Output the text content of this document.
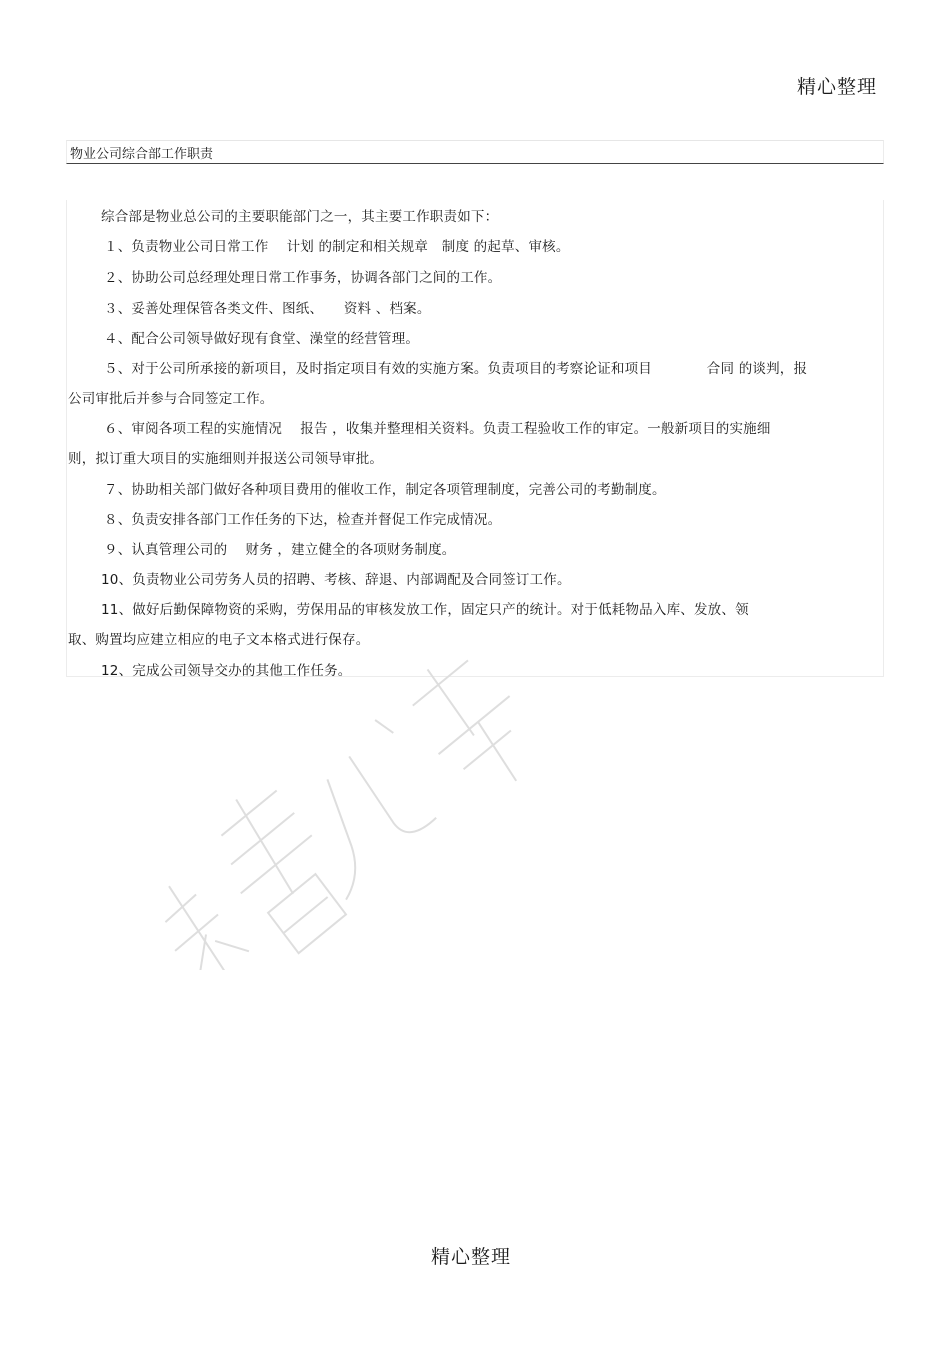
精心整理
物业公司综合部工作职责
综合部是物业总公司的主要职能部门之一，其主要工作职责如下：
１、负责物业公司日常工作　 计划 的制定和相关规章　制度 的起草、审核。
２、协助公司总经理处理日常工作事务，协调各部门之间的工作。
３、妥善处理保管各类文件、图纸、　　资料 、档案。
４、配合公司领导做好现有食堂、澡堂的经营管理。
５、对于公司所承接的新项目，及时指定项目有效的实施方案。负责项目的考察论证和项目　　　　合同 的谈判，报
公司审批后并参与合同签定工作。
６、审阅各项工程的实施情况　 报告 ，收集并整理相关资料。负责工程验收工作的审定。一般新项目的实施细
则，拟订重大项目的实施细则并报送公司领导审批。
７、协助相关部门做好各种项目费用的催收工作，制定各项管理制度，完善公司的考勤制度。
８、负责安排各部门工作任务的下达，检查并督促工作完成情况。
９、认真管理公司的　 财务 ，建立健全的各项财务制度。
10、负责物业公司劳务人员的招聘、考核、辞退、内部调配及合同签订工作。
11、做好后勤保障物资的采购，劳保用品的审核发放工作，固定只产的统计。对于低耗物品入库、发放、领
取、购置均应建立相应的电子文本格式进行保存。
12、完成公司领导交办的其他工作任务。
精心整理
